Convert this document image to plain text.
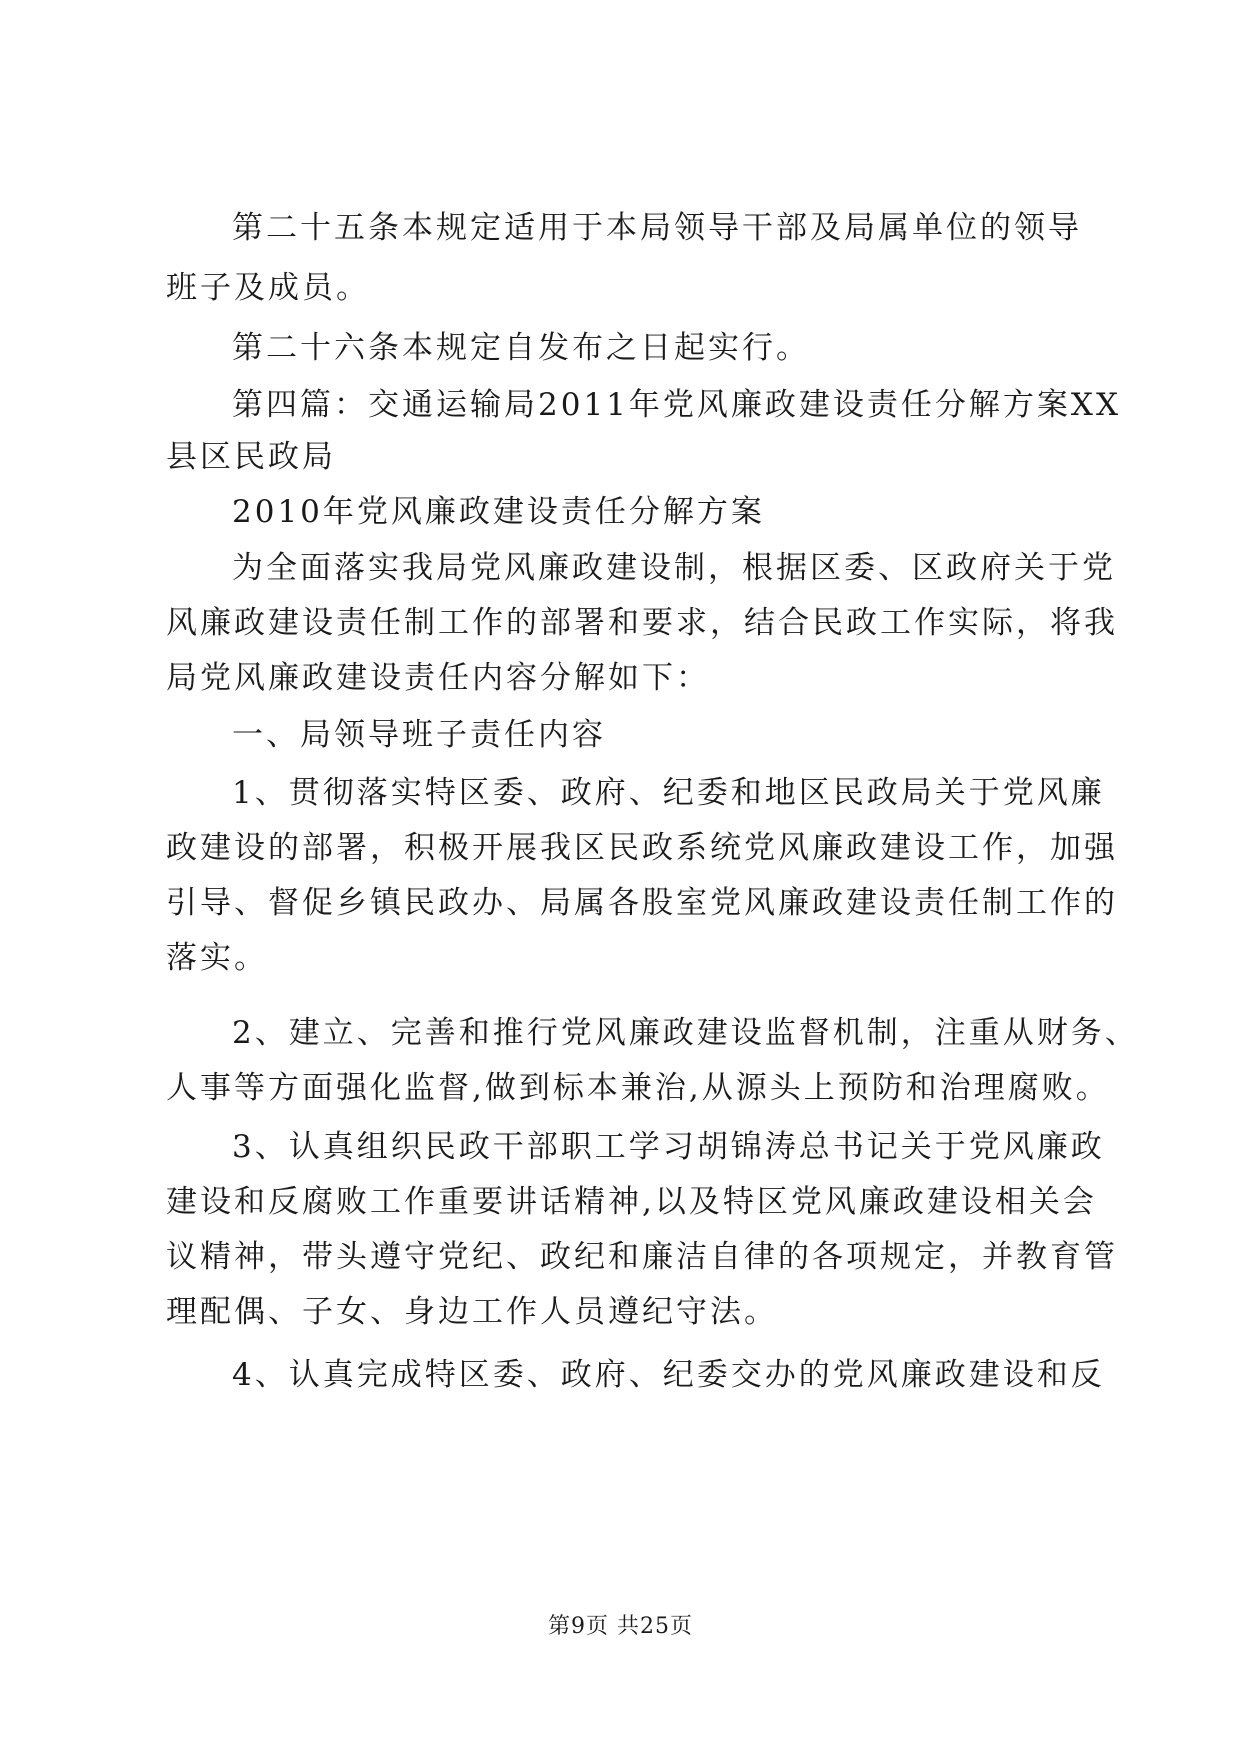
第二十五条本规定适用于本局领导干部及局属单位的领导
班子及成员。
第二十六条本规定自发布之日起实行。
第四篇：交通运输局2011年党风廉政建设责任分解方案XX
县区民政局
2010年党风廉政建设责任分解方案
为全面落实我局党风廉政建设制，根据区委、区政府关于党
风廉政建设责任制工作的部署和要求，结合民政工作实际，将我
局党风廉政建设责任内容分解如下：
一、局领导班子责任内容
1、贯彻落实特区委、政府、纪委和地区民政局关于党风廉
政建设的部署，积极开展我区民政系统党风廉政建设工作，加强
引导、督促乡镇民政办、局属各股室党风廉政建设责任制工作的
落实。
2、建立、完善和推行党风廉政建设监督机制，注重从财务、
人事等方面强化监督,做到标本兼治,从源头上预防和治理腐败。
3、认真组织民政干部职工学习胡锦涛总书记关于党风廉政
建设和反腐败工作重要讲话精神,以及特区党风廉政建设相关会
议精神，带头遵守党纪、政纪和廉洁自律的各项规定，并教育管
理配偶、子女、身边工作人员遵纪守法。
4、认真完成特区委、政府、纪委交办的党风廉政建设和反
第9页 共25页
